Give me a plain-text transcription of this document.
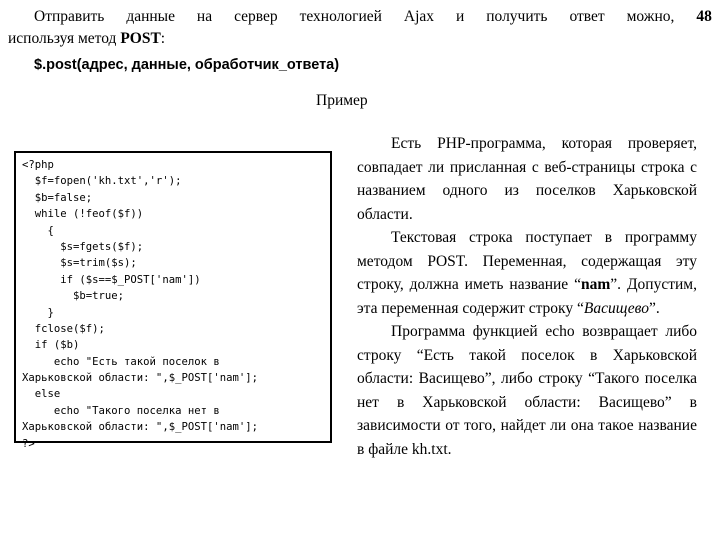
Отправить данные на сервер технологией Ajax и получить ответ можно, 48
используя метод POST:
$.post(адрес, данные, обработчик_ответа)
Пример
<?php
$f=fopen('kh.txt','r');
$b=false;
while (!feof($f))
{
$s=fgets($f);
$s=trim($s);
if ($s==$_POST['nam'])
$b=true;
}
fclose($f);
if ($b)
echo "Есть такой поселок в
Харьковской области: ",$_POST['nam'];
else
echo "Такого поселка нет в
Харьковской области: ",$_POST['nam'];
?>

Есть PHP-программа, которая проверяет, совпадает ли присланная с веб-страницы строка с названием одного из поселков Харьковской области.

Текстовая строка поступает в программу методом POST. Переменная, содержащая эту строку, должна иметь название “nam”. Допустим, эта переменная содержит строку “Васищево”.

Программа функцией echo возвращает либо строку “Есть такой поселок в Харьковской области: Васищево”, либо строку “Такого поселка нет в Харьковской области: Васищево” в зависимости от того, найдет ли она такое название в файле kh.txt.
